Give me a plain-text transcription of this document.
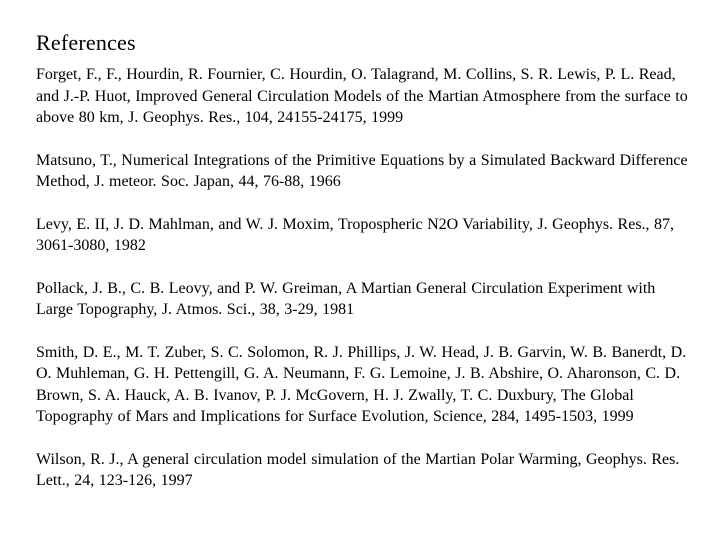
References

Forget, F., F., Hourdin, R. Fournier, C. Hourdin, O. Talagrand, M. Collins, S. R. Lewis, P. L. Read, and J.-P. Huot, Improved General Circulation Models of the Martian Atmosphere from the surface to above 80 km, J. Geophys. Res., 104, 24155-24175, 1999

Matsuno, T., Numerical Integrations of the Primitive Equations by a Simulated Backward Difference Method, J. meteor. Soc. Japan, 44, 76-88, 1966

Levy, E. II, J. D. Mahlman, and W. J. Moxim, Tropospheric N2O Variability, J. Geophys. Res., 87, 3061-3080, 1982

Pollack, J. B., C. B. Leovy, and P. W. Greiman, A Martian General Circulation Experiment with Large Topography, J. Atmos. Sci., 38, 3-29, 1981

Smith, D. E., M. T. Zuber, S. C. Solomon, R. J. Phillips, J. W. Head, J. B. Garvin, W. B. Banerdt, D. O. Muhleman, G. H. Pettengill, G. A. Neumann, F. G. Lemoine, J. B. Abshire, O. Aharonson, C. D. Brown, S. A. Hauck, A. B. Ivanov, P. J. McGovern, H. J. Zwally, T. C. Duxbury, The Global Topography of Mars and Implications for Surface Evolution, Science, 284, 1495-1503, 1999

Wilson, R. J., A general circulation model simulation of the Martian Polar Warming, Geophys. Res. Lett., 24, 123-126, 1997
